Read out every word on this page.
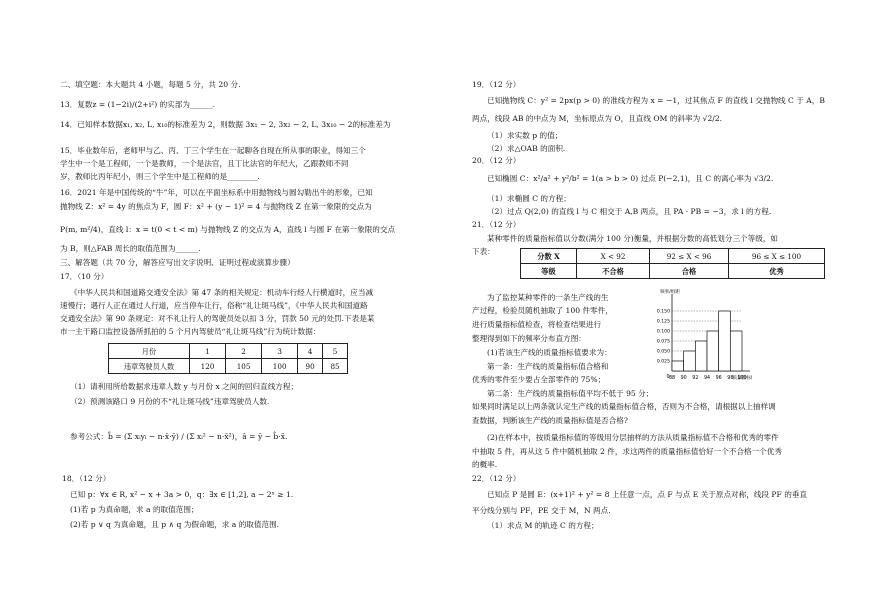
二、填空题：本大题共 4 小题，每题 5 分，共 20 分.
13．复数z = (1−2i)/(2+i²) 的实部为______.
14．已知样本数据x₁, x₂, L, x₁₀的标准差为 2，则数据 3x₁ − 2, 3x₂ − 2, L, 3x₁₀ − 2的标准差为
15．毕业数年后，老师甲与乙、丙、丁三个学生在一起聊各自现在所从事的职业，得知三个
学生中一个是工程师，一个是教师，一个是法官，且丁比法官的年纪大，乙跟教师不同
岁，教师比丙年纪小，则三个学生中是工程师的是________.
16．2021 年是中国传统的“牛”年，可以在平面坐标系中用抛物线与圆勾勒出牛的形象，已知
抛物线 Z：x² = 4y 的焦点为 F，圆 F：x² + (y − 1)² = 4 与抛物线 Z 在第一象限的交点为
P(m, m²/4)，直线 l：x = t(0 < t < m) 与抛物线 Z 的交点为 A，直线 l 与圆 F 在第一象限的交点
为 B，则△FAB 周长的取值范围为______.
三、解答题（共 70 分，解答应写出文字说明、证明过程或演算步骤）
17．（10 分）
《中华人民共和国道路交通安全法》第 47 条的相关规定：机动车行经人行横道时，应当减
速慢行；遇行人正在通过人行道，应当停车让行，俗称“礼让斑马线”，《中华人民共和国道路
交通安全法》第 90 条规定：对不礼让行人的驾驶员处以扣 3 分，罚款 50 元的处罚.下表是某
市一主干路口监控设备所抓拍的 5 个月内驾驶员“礼让斑马线”行为统计数据：
月份	1	2	3	4	5
违章驾驶员人数	120	105	100	90	85
（1）请利用所给数据求违章人数 y 与月份 x 之间的回归直线方程；
（2）预测该路口 9 月份的不“礼让斑马线”违章驾驶员人数.
参考公式： b̂ = (Σ xᵢyᵢ − n·x̄·ȳ) / (Σ xᵢ² − n·x̄²)，â = ȳ − b̂·x̄.
18．（12 分）
已知 p：∀x ∈ R, x² − x + 3a > 0，q：∃x ∈ [1,2], a − 2ˣ ≥ 1.
(1)若 p 为真命题，求 a 的取值范围；
(2)若 p ∨ q 为真命题，且 p ∧ q 为假命题，求 a 的取值范围.
19．（12 分）
已知抛物线 C：y² = 2px(p > 0) 的准线方程为 x = −1，过其焦点 F 的直线 l 交抛物线 C 于 A，B
两点，线段 AB 的中点为 M，坐标原点为 O，且直线 OM 的斜率为 √2/2.
（1）求实数 p 的值；
（2）求△OAB 的面积.
20．（12 分）
已知椭圆 C：x²/a² + y²/b² = 1(a > b > 0) 过点 P(−2,1)，且 C 的离心率为 √3/2.
（1）求椭圆 C 的方程；
（2）过点 Q(2,0) 的直线 l 与 C 相交于 A,B 两点，且 PA · PB = −3，求 l 的方程.
21．（12 分）
某种零件的质量指标值以分数(满分 100 分)衡量，并根据分数的高低划分三个等级，如
下表：	分数 X	X < 92	92 ≤ X < 96	96 ≤ X ≤ 100
等级	不合格	合格	优秀
为了监控某种零件的一条生产线的生
产过程，检验员随机抽取了 100 件零件，
进行质量指标值检查，将检查结果进行
整理得到如下的频率分布直方图：
(1)若该生产线的质量指标值要求为：
第一条：生产线的质量指标值合格和
优秀的零件至少要占全部零件的 75%；
第二条：生产线的质量指标值平均不低于 95 分；
如果同时满足以上两条就认定生产线的质量指标值合格，否则为不合格，请根据以上抽样调
查数据，判断该生产线的质量指标值是否合格?
(2)在样本中，按质量指标值的等级用分层抽样的方法从质量指标值不合格和优秀的零件
中抽取 5 件，再从这 5 件中随机抽取 2 件，求这两件的质量指标值恰好一个不合格一个优秀
的概率.
22．（12 分）
已知点 P 是圆 E：(x+1)² + y² = 8 上任意一点，点 F 与点 E 关于原点对称，线段 PF 的垂直
平分线分别与 PF，PE 交于 M，N 两点.
（1）求点 M 的轨迹 C 的方程；
频率/组距
质量指标
0
0.150
0.125
0.100
0.075
0.050
0.025
88 90 92 94 96 98 100
